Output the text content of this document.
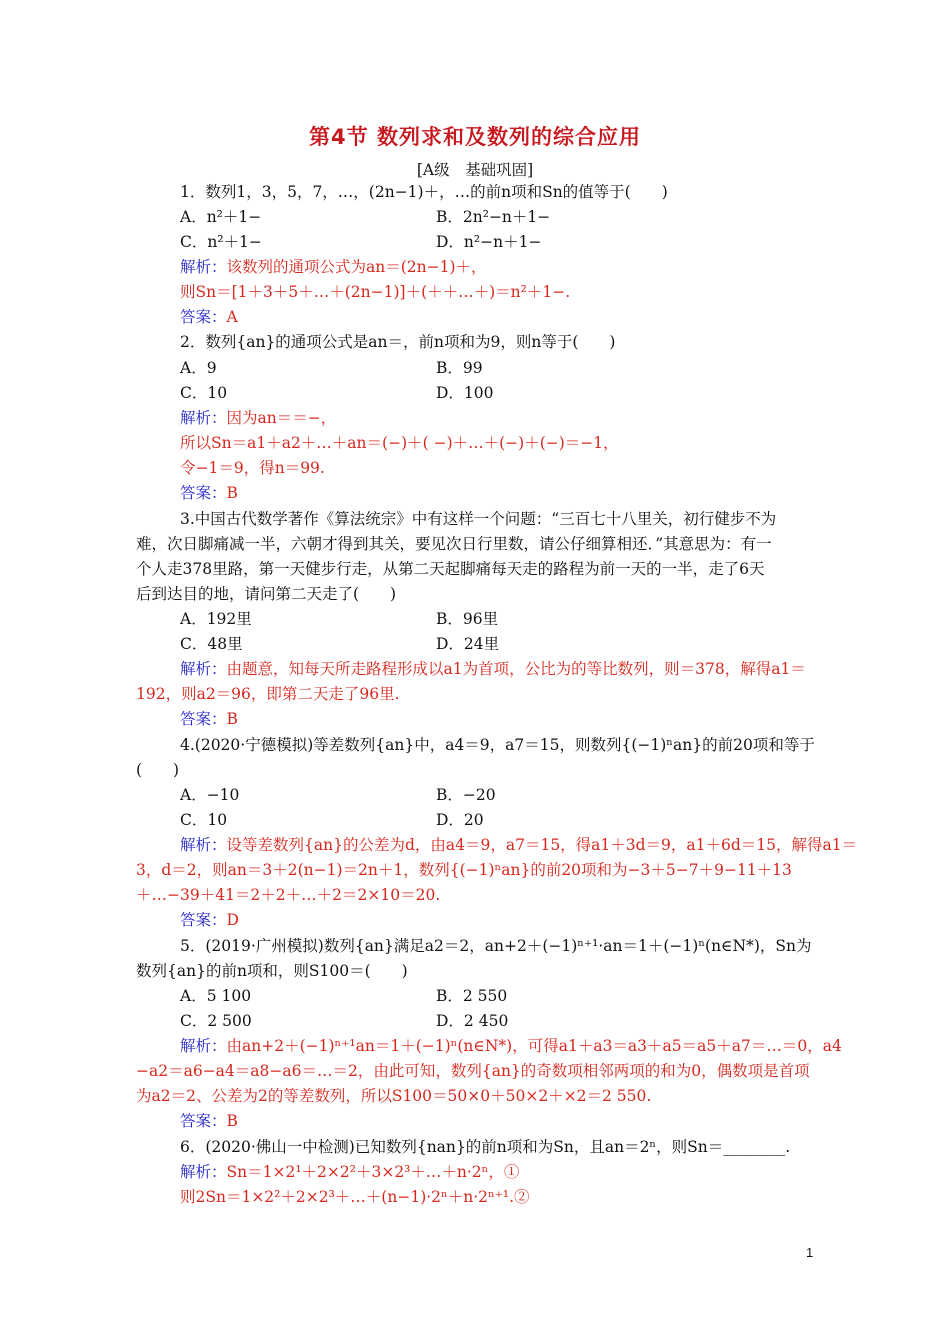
第4节 数列求和及数列的综合应用
[A级　基础巩固]
1．数列1，3，5，7，…，(2n−1)＋，…的前n项和Sn的值等于(　　)
A．n²＋1−	B．2n²−n＋1−
C．n²＋1−	D．n²−n＋1−
解析：该数列的通项公式为an＝(2n−1)＋，
则Sn＝[1＋3＋5＋…＋(2n−1)]＋(＋＋…＋)＝n²＋1−.
答案：A
2．数列{an}的通项公式是an＝，前n项和为9，则n等于(　　)
A．9	B．99
C．10	D．100
解析：因为an＝＝−，
所以Sn＝a1＋a2＋…＋an＝(−)＋( −)＋…＋(−)＋(−)＝−1，
令−1＝9，得n＝99.
答案：B
3.中国古代数学著作《算法统宗》中有这样一个问题：“三百七十八里关，初行健步不为
难，次日脚痛减一半，六朝才得到其关，要见次日行里数，请公仔细算相还．”其意思为：有一
个人走378里路，第一天健步行走，从第二天起脚痛每天走的路程为前一天的一半，走了6天
后到达目的地，请问第二天走了(　　)
A．192里	B．96里
C．48里	D．24里
解析：由题意，知每天所走路程形成以a1为首项，公比为的等比数列，则＝378，解得a1＝
192，则a2＝96，即第二天走了96里.
答案：B
4.(2020·宁德模拟)等差数列{an}中，a4＝9，a7＝15，则数列{(−1)ⁿan}的前20项和等于
(　　)
A．−10	B．−20
C．10	D．20
解析：设等差数列{an}的公差为d，由a4＝9，a7＝15，得a1＋3d＝9，a1＋6d＝15，解得a1＝
3，d＝2，则an＝3＋2(n−1)＝2n＋1，数列{(−1)ⁿan}的前20项和为−3＋5−7＋9−11＋13
＋…−39＋41＝2＋2＋…＋2＝2×10＝20.
答案：D
5．(2019·广州模拟)数列{an}满足a2＝2，an+2＋(−1)ⁿ⁺¹·an＝1＋(−1)ⁿ(n∈N*)，Sn为
数列{an}的前n项和，则S100＝(　　)
A．5 100	B．2 550
C．2 500	D．2 450
解析：由an+2＋(−1)ⁿ⁺¹an＝1＋(−1)ⁿ(n∈N*)，可得a1＋a3＝a3＋a5＝a5＋a7＝…＝0，a4
−a2＝a6−a4＝a8−a6＝…＝2，由此可知，数列{an}的奇数项相邻两项的和为0，偶数项是首项
为a2＝2、公差为2的等差数列，所以S100＝50×0＋50×2＋×2＝2 550.
答案：B
6．(2020·佛山一中检测)已知数列{nan}的前n项和为Sn，且an＝2ⁿ，则Sn＝________.
解析：Sn＝1×2¹＋2×2²＋3×2³＋…＋n·2ⁿ，①
则2Sn＝1×2²＋2×2³＋…＋(n−1)·2ⁿ＋n·2ⁿ⁺¹.②
1
